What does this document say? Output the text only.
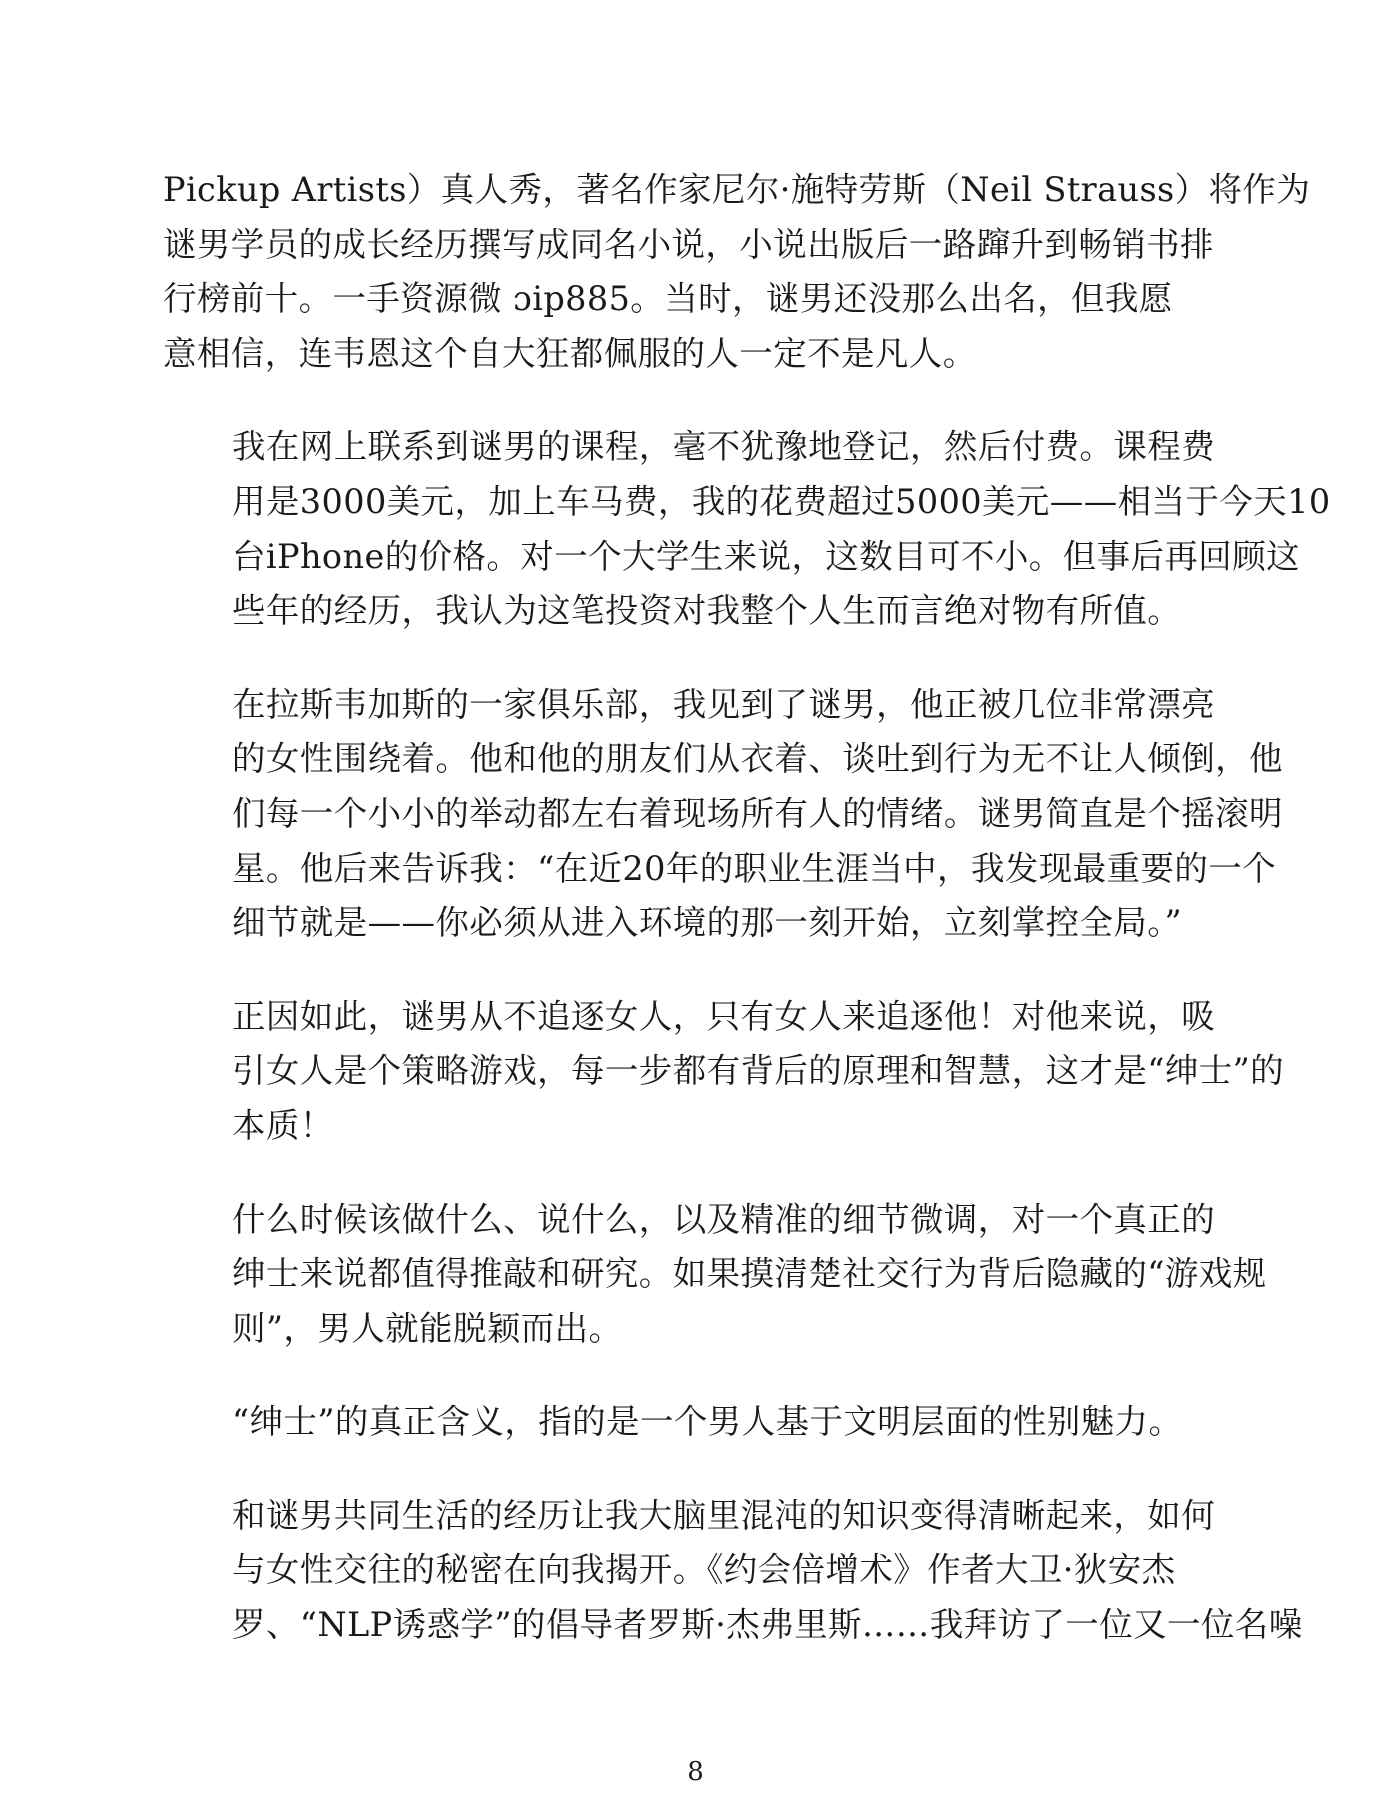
Pickup Artists）真人秀，著名作家尼尔·施特劳斯（Neil Strauss）将作为
谜男学员的成长经历撰写成同名小说，小说出版后一路蹿升到畅销书排
行榜前十。一手资源微 ɔip885。当时，谜男还没那么出名，但我愿
意相信，连韦恩这个自大狂都佩服的人一定不是凡人。

我在网上联系到谜男的课程，毫不犹豫地登记，然后付费。课程费
用是3000美元，加上车马费，我的花费超过5000美元——相当于今天10
台iPhone的价格。对一个大学生来说，这数目可不小。但事后再回顾这
些年的经历，我认为这笔投资对我整个人生而言绝对物有所值。

在拉斯韦加斯的一家俱乐部，我见到了谜男，他正被几位非常漂亮
的女性围绕着。他和他的朋友们从衣着、谈吐到行为无不让人倾倒，他
们每一个小小的举动都左右着现场所有人的情绪。谜男简直是个摇滚明
星。他后来告诉我：“在近20年的职业生涯当中，我发现最重要的一个
细节就是——你必须从进入环境的那一刻开始，立刻掌控全局。”

正因如此，谜男从不追逐女人，只有女人来追逐他！对他来说，吸
引女人是个策略游戏，每一步都有背后的原理和智慧，这才是“绅士”的
本质！

什么时候该做什么、说什么，以及精准的细节微调，对一个真正的
绅士来说都值得推敲和研究。如果摸清楚社交行为背后隐藏的“游戏规
则”，男人就能脱颖而出。

“绅士”的真正含义，指的是一个男人基于文明层面的性别魅力。

和谜男共同生活的经历让我大脑里混沌的知识变得清晰起来，如何
与女性交往的秘密在向我揭开。《约会倍增术》作者大卫·狄安杰
罗、“NLP诱惑学”的倡导者罗斯·杰弗里斯……我拜访了一位又一位名噪

8
